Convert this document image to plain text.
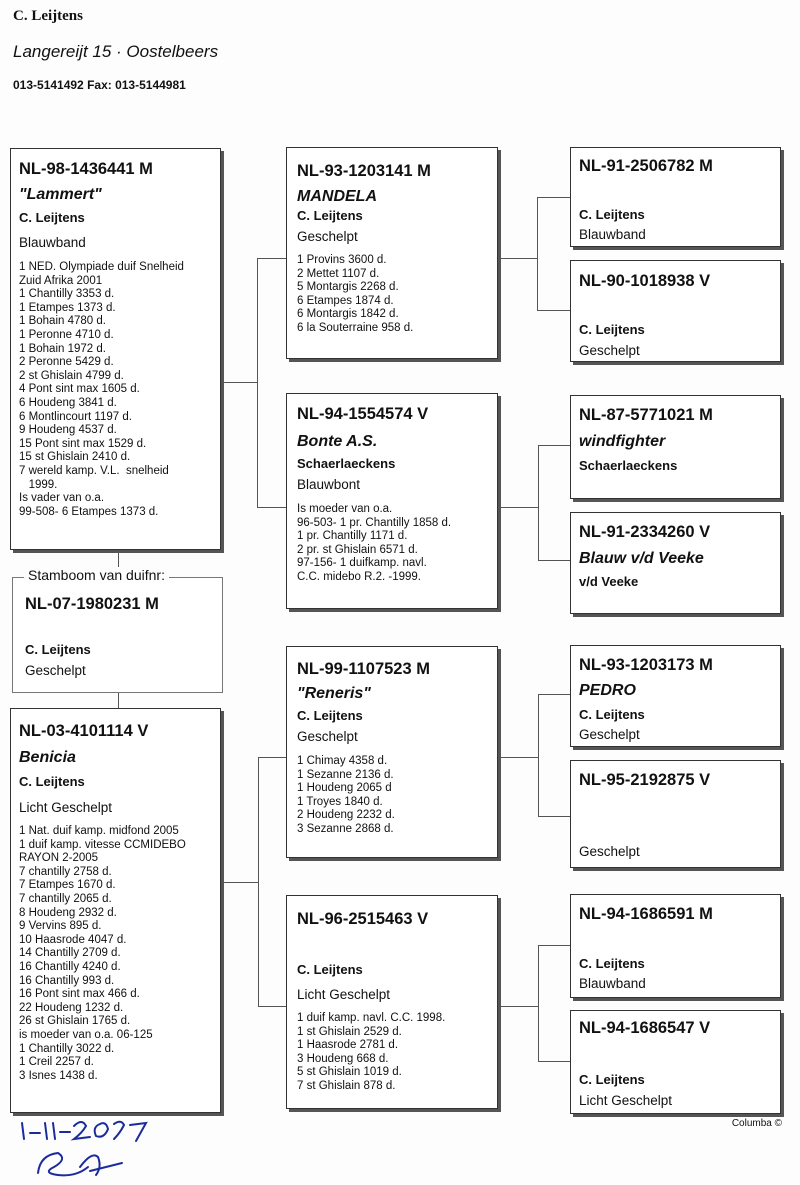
C. Leijtens
Langereijt 15 · Oostelbeers
013-5141492 Fax: 013-5144981
NL-98-1436441 M
"Lammert"
C. Leijtens
Blauwband
1 NED. Olympiade duif Snelheid
Zuid Afrika 2001
1 Chantilly 3353 d.
1 Etampes 1373 d.
1 Bohain 4780 d.
1 Peronne 4710 d.
1 Bohain 1972 d.
2 Peronne 5429 d.
2 st Ghislain 4799 d.
4 Pont sint max 1605 d.
6 Houdeng 3841 d.
6 Montlincourt 1197 d.
9 Houdeng 4537 d.
15 Pont sint max 1529 d.
15 st Ghislain 2410 d.
7 wereld kamp. V.L.  snelheid
1999.
Is vader van o.a.
99-508- 6 Etampes 1373 d.
NL-07-1980231 M
C. Leijtens
Geschelpt
Stamboom van duifnr:
NL-03-4101114 V
Benicia
C. Leijtens
Licht Geschelpt
1 Nat. duif kamp. midfond 2005
1 duif kamp. vitesse CCMIDEBO
RAYON 2-2005
7 chantilly 2758 d.
7 Etampes 1670 d.
7 chantilly 2065 d.
8 Houdeng 2932 d.
9 Vervins 895 d.
10 Haasrode 4047 d.
14 Chantilly 2709 d.
16 Chantilly 4240 d.
16 Chantilly 993 d.
16 Pont sint max 466 d.
22 Houdeng 1232 d.
26 st Ghislain 1765 d.
is moeder van o.a. 06-125
1 Chantilly 3022 d.
1 Creil 2257 d.
3 Isnes 1438 d.
NL-93-1203141 M
MANDELA
C. Leijtens
Geschelpt
1 Provins 3600 d.
2 Mettet 1107 d.
5 Montargis 2268 d.
6 Etampes 1874 d.
6 Montargis 1842 d.
6 la Souterraine 958 d.
NL-94-1554574 V
Bonte A.S.
Schaerlaeckens
Blauwbont
Is moeder van o.a.
96-503- 1 pr. Chantilly 1858 d.
1 pr. Chantilly 1171 d.
2 pr. st Ghislain 6571 d.
97-156- 1 duifkamp. navl.
C.C. midebo R.2. -1999.
NL-99-1107523 M
"Reneris"
C. Leijtens
Geschelpt
1 Chimay 4358 d.
1 Sezanne 2136 d.
1 Houdeng 2065 d
1 Troyes 1840 d.
2 Houdeng 2232 d.
3 Sezanne 2868 d.
NL-96-2515463 V
C. Leijtens
Licht Geschelpt
1 duif kamp. navl. C.C. 1998.
1 st Ghislain 2529 d.
1 Haasrode 2781 d.
3 Houdeng 668 d.
5 st Ghislain 1019 d.
7 st Ghislain 878 d.
NL-91-2506782 M
C. Leijtens
Blauwband
NL-90-1018938 V
C. Leijtens
Geschelpt
NL-87-5771021 M
windfighter
Schaerlaeckens
NL-91-2334260 V
Blauw v/d Veeke
v/d Veeke
NL-93-1203173 M
PEDRO
C. Leijtens
Geschelpt
NL-95-2192875 V
Geschelpt
NL-94-1686591 M
C. Leijtens
Blauwband
NL-94-1686547 V
C. Leijtens
Licht Geschelpt
Columba ©
